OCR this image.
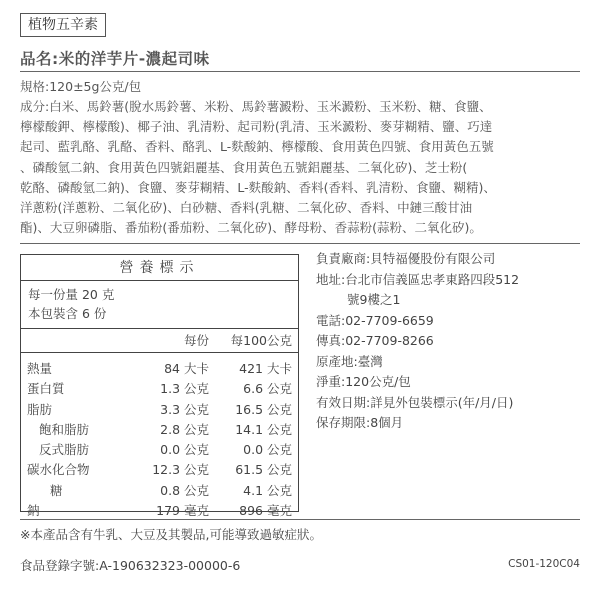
植物五辛素
品名:米的洋芋片-濃起司味
規格:120±5g公克/包
成分:白米、馬鈴薯(脫水馬鈴薯、米粉、馬鈴薯澱粉、玉米澱粉、玉米粉、糖、食鹽、
檸檬酸鉀、檸檬酸)、椰子油、乳清粉、起司粉(乳清、玉米澱粉、麥芽糊精、鹽、巧達
起司、藍乳酪、乳酪、香料、酪乳、L-麩酸鈉、檸檬酸、食用黃色四號、食用黃色五號
、磷酸氫二鈉、食用黃色四號鋁麗基、食用黃色五號鋁麗基、二氧化矽)、芝士粉(
乾酪、磷酸氫二鈉)、食鹽、麥芽糊精、L-麩酸鈉、香料(香料、乳清粉、食鹽、糊精)、
洋蔥粉(洋蔥粉、二氧化矽)、白砂糖、香料(乳糖、二氧化矽、香料、中鏈三酸甘油
酯)、大豆卵磷脂、番茄粉(番茄粉、二氧化矽)、酵母粉、香蒜粉(蒜粉、二氧化矽)。
營養標示
每一份量 20 克
本包裝含 6 份
每份	每100公克
熱量	84 大卡	421 大卡
蛋白質	1.3 公克	6.6 公克
脂肪	3.3 公克	16.5 公克
飽和脂肪	2.8 公克	14.1 公克
反式脂肪	0.0 公克	0.0 公克
碳水化合物	12.3 公克	61.5 公克
糖	0.8 公克	4.1 公克
鈉	179 毫克	896 毫克
負責廠商:貝特福優股份有限公司
地址:台北市信義區忠孝東路四段512
號9樓之1
電話:02-7709-6659
傳真:02-7709-8266
原產地:臺灣
淨重:120公克/包
有效日期:詳見外包裝標示(年/月/日)
保存期限:8個月
※本產品含有牛乳、大豆及其製品,可能導致過敏症狀。
食品登錄字號:A-190632323-00000-6	CS01-120C04
